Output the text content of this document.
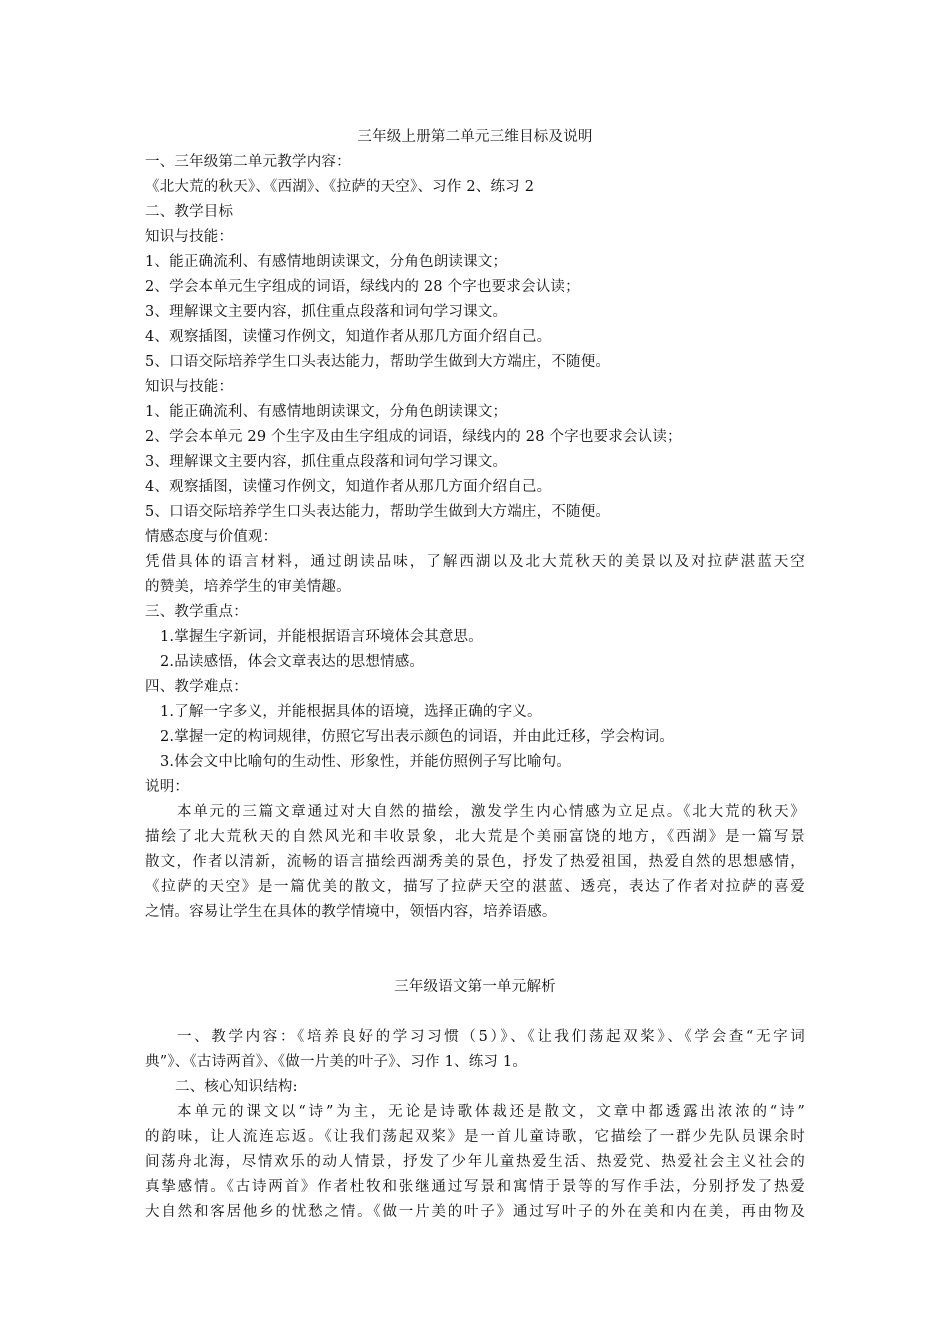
三年级上册第二单元三维目标及说明
一、三年级第二单元教学内容：
《北大荒的秋天》、《西湖》、《拉萨的天空》、习作 2、练习 2
二、教学目标
知识与技能：
1、能正确流利、有感情地朗读课文，分角色朗读课文；
2、学会本单元生字组成的词语，绿线内的 28 个字也要求会认读；
3、理解课文主要内容，抓住重点段落和词句学习课文。
4、观察插图，读懂习作例文，知道作者从那几方面介绍自己。
5、口语交际培养学生口头表达能力，帮助学生做到大方端庄，不随便。
知识与技能：
1、能正确流利、有感情地朗读课文，分角色朗读课文；
2、学会本单元 29 个生字及由生字组成的词语，绿线内的 28 个字也要求会认读；
3、理解课文主要内容，抓住重点段落和词句学习课文。
4、观察插图，读懂习作例文，知道作者从那几方面介绍自己。
5、口语交际培养学生口头表达能力，帮助学生做到大方端庄，不随便。
情感态度与价值观：
凭借具体的语言材料，通过朗读品味，了解西湖以及北大荒秋天的美景以及对拉萨湛蓝天空
的赞美，培养学生的审美情趣。
三、教学重点：
1.掌握生字新词，并能根据语言环境体会其意思。
2.品读感悟，体会文章表达的思想情感。
四、教学难点：
1.了解一字多义，并能根据具体的语境，选择正确的字义。
2.掌握一定的构词规律，仿照它写出表示颜色的词语，并由此迁移，学会构词。
3.体会文中比喻句的生动性、形象性，并能仿照例子写比喻句。
说明：
本单元的三篇文章通过对大自然的描绘，激发学生内心情感为立足点。《北大荒的秋天》
描绘了北大荒秋天的自然风光和丰收景象，北大荒是个美丽富饶的地方，《西湖》是一篇写景
散文，作者以清新，流畅的语言描绘西湖秀美的景色，抒发了热爱祖国，热爱自然的思想感情，
《拉萨的天空》是一篇优美的散文，描写了拉萨天空的湛蓝、透亮，表达了作者对拉萨的喜爱
之情。容易让学生在具体的教学情境中，领悟内容，培养语感。
三年级语文第一单元解析
一、教学内容：《培养良好的学习习惯（5）》、《让我们荡起双桨》、《学会查“无字词
典”》、《古诗两首》、《做一片美的叶子》、习作 1、练习 1。
二、核心知识结构:
本单元的课文以“诗”为主，无论是诗歌体裁还是散文，文章中都透露出浓浓的“诗”
的韵味，让人流连忘返。《让我们荡起双桨》是一首儿童诗歌，它描绘了一群少先队员课余时
间荡舟北海，尽情欢乐的动人情景，抒发了少年儿童热爱生活、热爱党、热爱社会主义社会的
真挚感情。《古诗两首》作者杜牧和张继通过写景和寓情于景等的写作手法，分别抒发了热爱
大自然和客居他乡的忧愁之情。《做一片美的叶子》通过写叶子的外在美和内在美，再由物及
